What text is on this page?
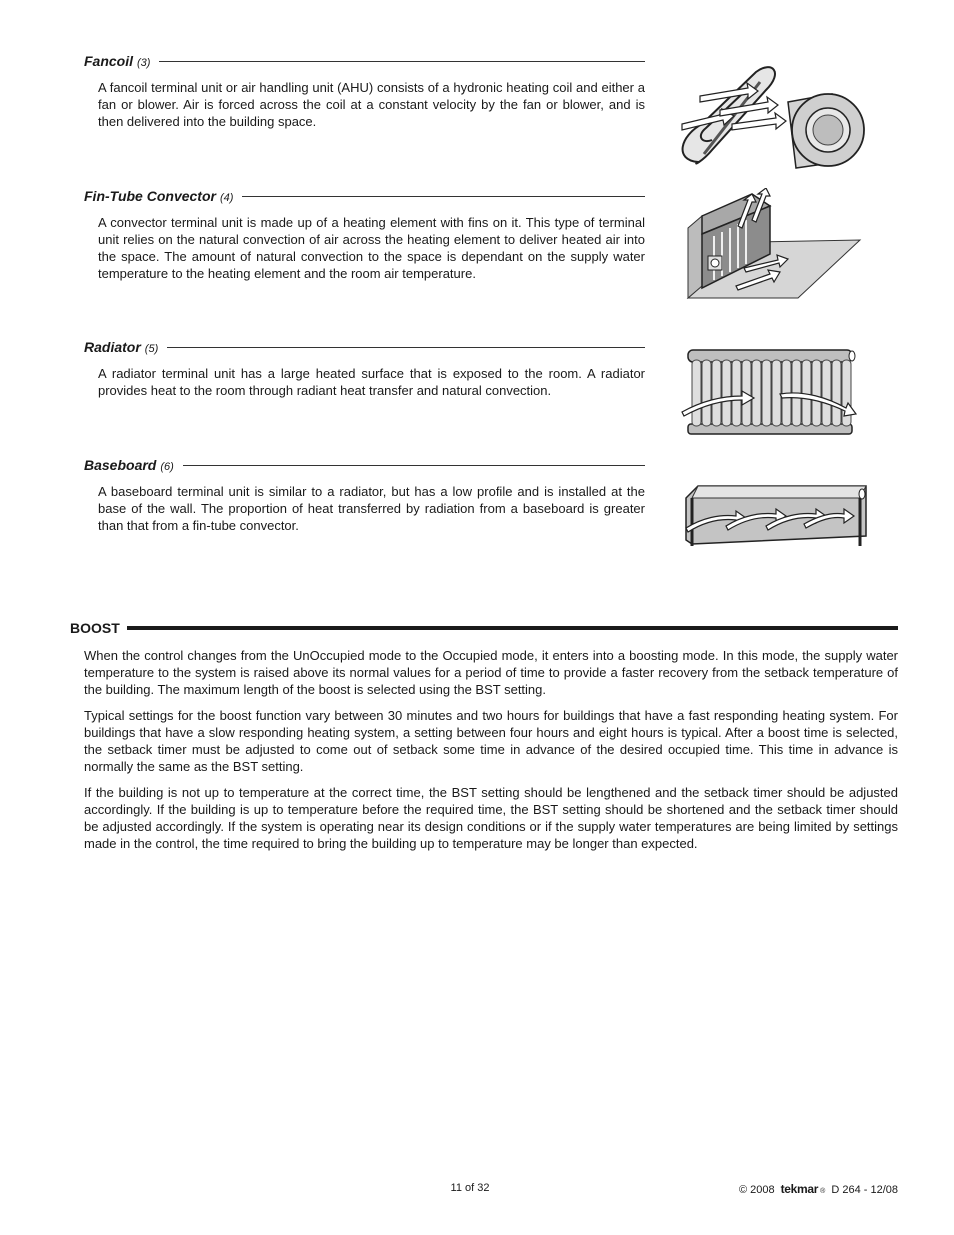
Fancoil (3)
A fancoil terminal unit or air handling unit (AHU) consists of a hydronic heating coil and either a fan or blower. Air is forced across the coil at a constant velocity by the fan or blower, and is then delivered into the building space.
Fin-Tube Convector (4)
A convector terminal unit is made up of a heating element with fins on it. This type of terminal unit relies on the natural convection of air across the heating element to deliver heated air into the space. The amount of natural convection to the space is dependant on the supply water temperature to the heating element and the room air temperature.
Radiator (5)
A radiator terminal unit has a large heated surface that is exposed to the room. A radiator provides heat to the room through radiant heat transfer and natural convection.
Baseboard (6)
A baseboard terminal unit is similar to a radiator, but has a low profile and is installed at the base of the wall. The proportion of heat transferred by radiation from a baseboard is greater than that from a fin-tube convector.
BOOST

When the control changes from the UnOccupied mode to the Occupied mode, it enters into a boosting mode. In this mode, the supply water temperature to the system is raised above its normal values for a period of time to provide a faster recovery from the setback temperature of the building. The maximum length of the boost is selected using the BST setting.

Typical settings for the boost function vary between 30 minutes and two hours for buildings that have a fast responding heating system. For buildings that have a slow responding heating system, a setting between four hours and eight hours is typical. After a boost time is selected, the setback timer must be adjusted to come out of setback some time in advance of the desired occupied time. This time in advance is normally the same as the BST setting.

If the building is not up to temperature at the correct time, the BST setting should be lengthened and the setback timer should be adjusted accordingly. If the building is up to temperature before the required time, the BST setting should be shortened and the setback timer should be adjusted accordingly. If the system is operating near its design conditions or if the supply water temperatures are being limited by settings made in the control, the time required to bring the building up to temperature may be longer than expected.

11 of 32	© 2008 tekmar ® D 264 - 12/08
